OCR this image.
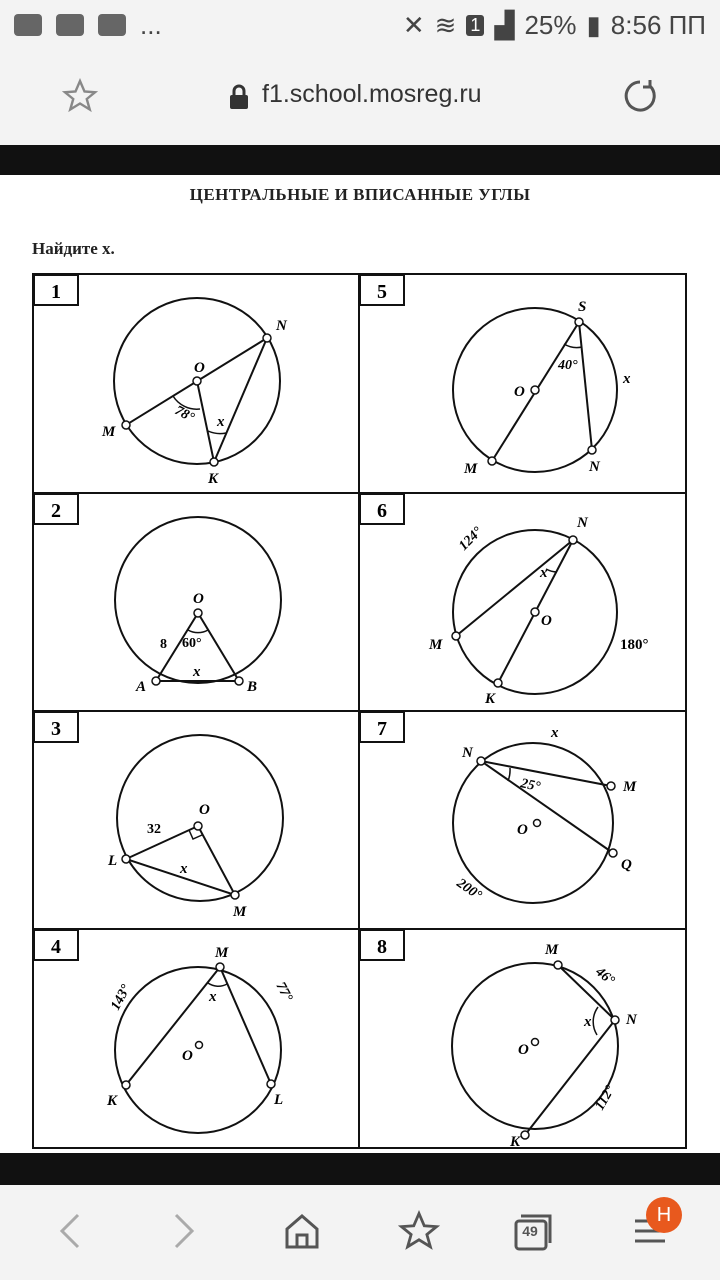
...	✕ ≋ 1 ▟ 25% ▮ 8:56 ПП
f1.school.mosreg.ru
ЦЕНТРАЛЬНЫЕ И ВПИСАННЫЕ УГЛЫ
Найдите x.
1
O
M
N
K
78° x
5
S
O
M	N
40°
x
2
O
A	B
8 60°
x
6
N
M
K
O
124°
180°
x
3
O
L
M
32
x
7
N
M
Q
O
25°
200°
x
4	M
K	L
O
143°	77°
x
8	M
N
K
O
46°
112°
x
49
Н
